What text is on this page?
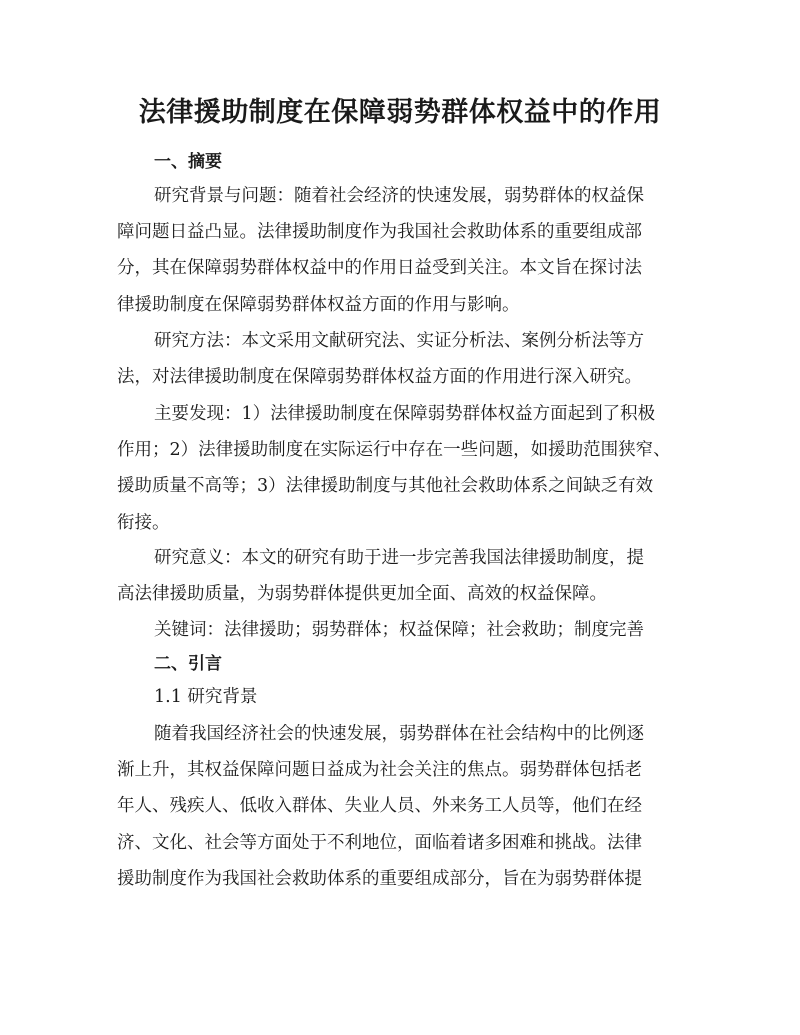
法律援助制度在保障弱势群体权益中的作用
一、摘要

研究背景与问题：随着社会经济的快速发展，弱势群体的权益保
障问题日益凸显。法律援助制度作为我国社会救助体系的重要组成部
分，其在保障弱势群体权益中的作用日益受到关注。本文旨在探讨法
律援助制度在保障弱势群体权益方面的作用与影响。

研究方法：本文采用文献研究法、实证分析法、案例分析法等方
法，对法律援助制度在保障弱势群体权益方面的作用进行深入研究。

主要发现：1）法律援助制度在保障弱势群体权益方面起到了积极
作用；2）法律援助制度在实际运行中存在一些问题，如援助范围狭窄、
援助质量不高等；3）法律援助制度与其他社会救助体系之间缺乏有效
衔接。

研究意义：本文的研究有助于进一步完善我国法律援助制度，提
高法律援助质量，为弱势群体提供更加全面、高效的权益保障。

关键词：法律援助；弱势群体；权益保障；社会救助；制度完善

二、引言

1.1 研究背景

随着我国经济社会的快速发展，弱势群体在社会结构中的比例逐
渐上升，其权益保障问题日益成为社会关注的焦点。弱势群体包括老
年人、残疾人、低收入群体、失业人员、外来务工人员等，他们在经
济、文化、社会等方面处于不利地位，面临着诸多困难和挑战。法律
援助制度作为我国社会救助体系的重要组成部分，旨在为弱势群体提
